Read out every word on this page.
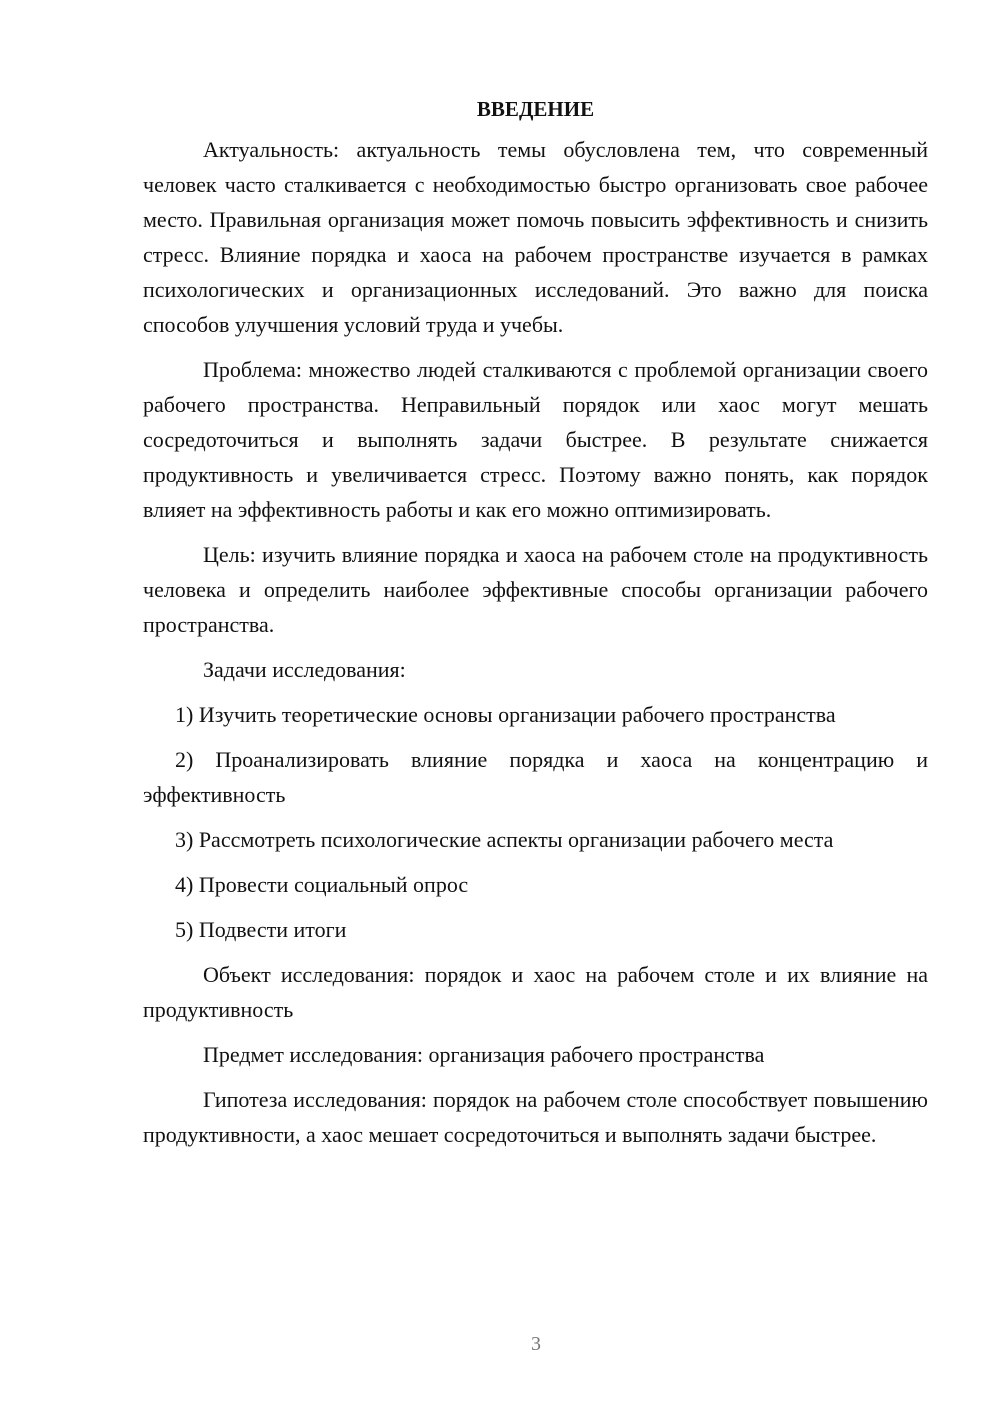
ВВЕДЕНИЕ

Актуальность: актуальность темы обусловлена тем, что современный человек часто сталкивается с необходимостью быстро организовать свое рабочее место. Правильная организация может помочь повысить эффективность и снизить стресс. Влияние порядка и хаоса на рабочем пространстве изучается в рамках психологических и организационных исследований. Это важно для поиска способов улучшения условий труда и учебы.

Проблема: множество людей сталкиваются с проблемой организации своего рабочего пространства. Неправильный порядок или хаос могут мешать сосредоточиться и выполнять задачи быстрее. В результате снижается продуктивность и увеличивается стресс. Поэтому важно понять, как порядок влияет на эффективность работы и как его можно оптимизировать.

Цель: изучить влияние порядка и хаоса на рабочем столе на продуктивность человека и определить наиболее эффективные способы организации рабочего пространства.

Задачи исследования:

1) Изучить теоретические основы организации рабочего пространства

2) Проанализировать влияние порядка и хаоса на концентрацию и эффективность

3) Рассмотреть психологические аспекты организации рабочего места

4) Провести социальный опрос

5) Подвести итоги

Объект исследования: порядок и хаос на рабочем столе и их влияние на продуктивность

Предмет исследования: организация рабочего пространства

Гипотеза исследования: порядок на рабочем столе способствует повышению продуктивности, а хаос мешает сосредоточиться и выполнять задачи быстрее.

3
